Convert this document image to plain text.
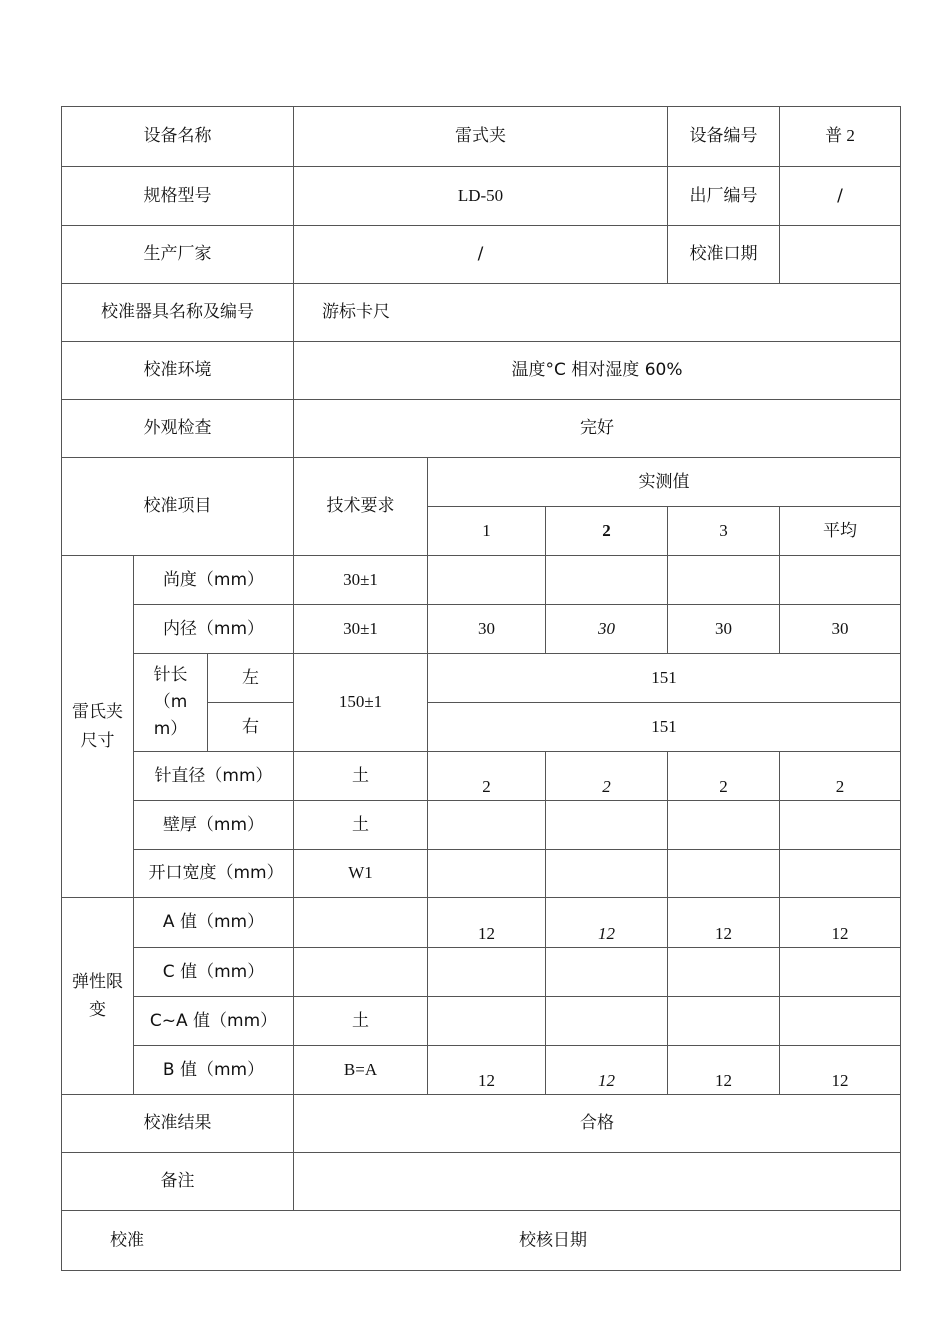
设备名称			雷式夹			设备编号	普 2
规格型号			LD-50			出厂编号	/
生产厂家			/			校准口期	
校准器具名称及编号			游标卡尺				
校准环境			温度°C 相对湿度 60%				
外观检查			完好				
校准项目			技术要求	实测值			
				1	2	3	平均

雷氏夹尺寸	尚度（mm）		30±1				
	内径（mm）		30±1	30	30	30	30

	针长（mm）	左	150±1	151			
		右		151			
	针直径（mm）		土	2	2	2	2
	壁厚（mm）		土				

	开口宽度（mm）		W1				

弹性限变	A 值（mm）			12	12	12	12
	C 值（mm）						
	C~A 值（mm）		土				
	B 值（mm）		B=A	12	12	12	12
校准结果			合格				
备注							

校准 校核日期							
